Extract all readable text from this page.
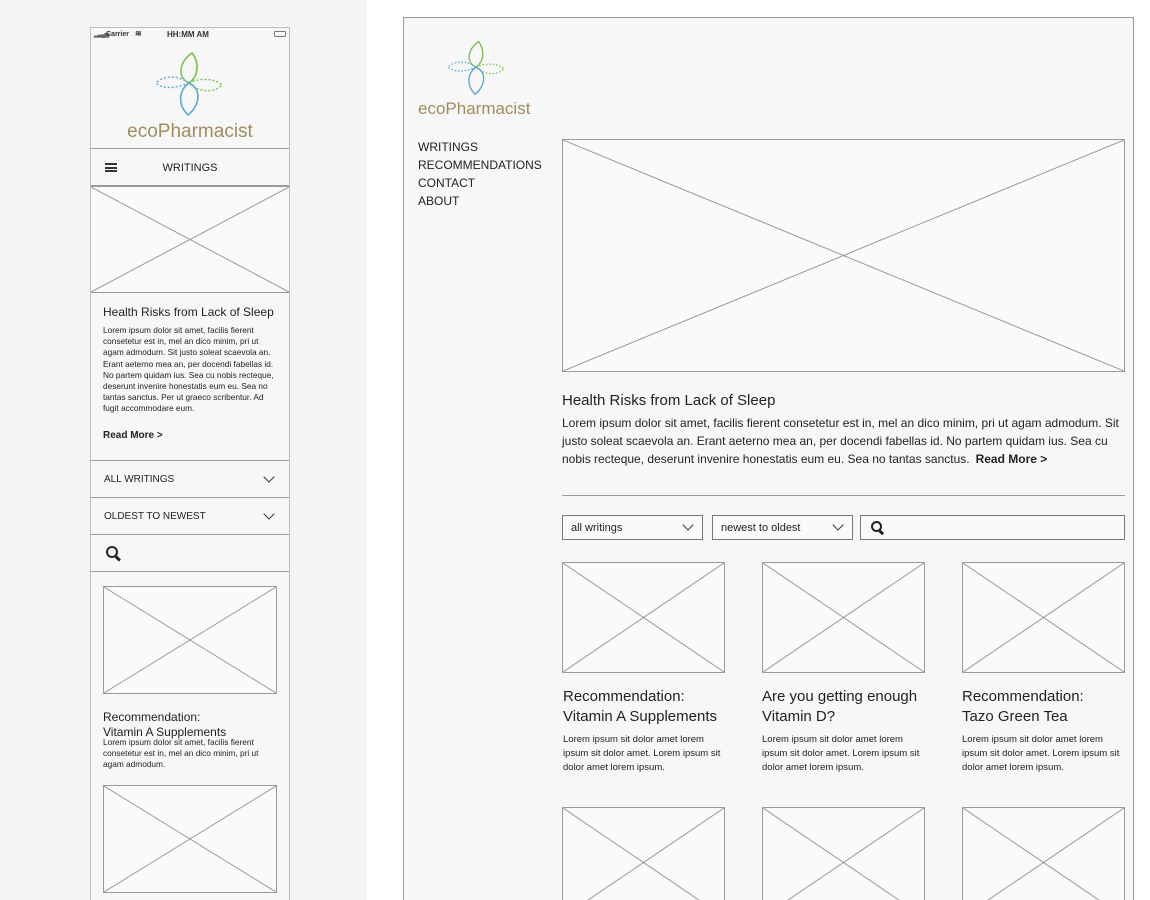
▂▃▄▅
Carrier ≋	HH:MM AM
ecoPharmacist
WRITINGS
Health Risks from Lack of Sleep
Lorem ipsum dolor sit amet, facilis fierent consetetur est in, mel an dico minim, pri ut agam admodum. Sit justo soleat scaevola an. Erant aeterno mea an, per docendi fabellas id. No partem quidam ius. Sea cu nobis recteque, deserunt invenire honestatis eum eu. Sea no tantas sanctus. Per ut graeco scribentur. Ad fugit accommodare eum.
Read More >
ALL WRITINGS
OLDEST TO NEWEST
Recommendation:
Vitamin A Supplements
Lorem ipsum dolor sit amet, facilis fierent consetetur est in, mel an dico minim, pri ut agam admodum.
ecoPharmacist
WRITINGS
RECOMMENDATIONS
CONTACT
ABOUT
Health Risks from Lack of Sleep
Lorem ipsum dolor sit amet, facilis fierent consetetur est in, mel an dico minim, pri ut agam admodum. Sit justo soleat scaevola an. Erant aeterno mea an, per docendi fabellas id. No partem quidam ius. Sea cu nobis recteque, deserunt invenire honestatis eum eu. Sea no tantas sanctus. Read More >
all writings	newest to oldest
Recommendation:
Vitamin A Supplements
Are you getting enough
Vitamin D?
Recommendation:
Tazo Green Tea
Lorem ipsum sit dolor amet lorem ipsum sit dolor amet. Lorem ipsum sit dolor amet lorem ipsum.
Lorem ipsum sit dolor amet lorem ipsum sit dolor amet. Lorem ipsum sit dolor amet lorem ipsum.
Lorem ipsum sit dolor amet lorem ipsum sit dolor amet. Lorem ipsum sit dolor amet lorem ipsum.
